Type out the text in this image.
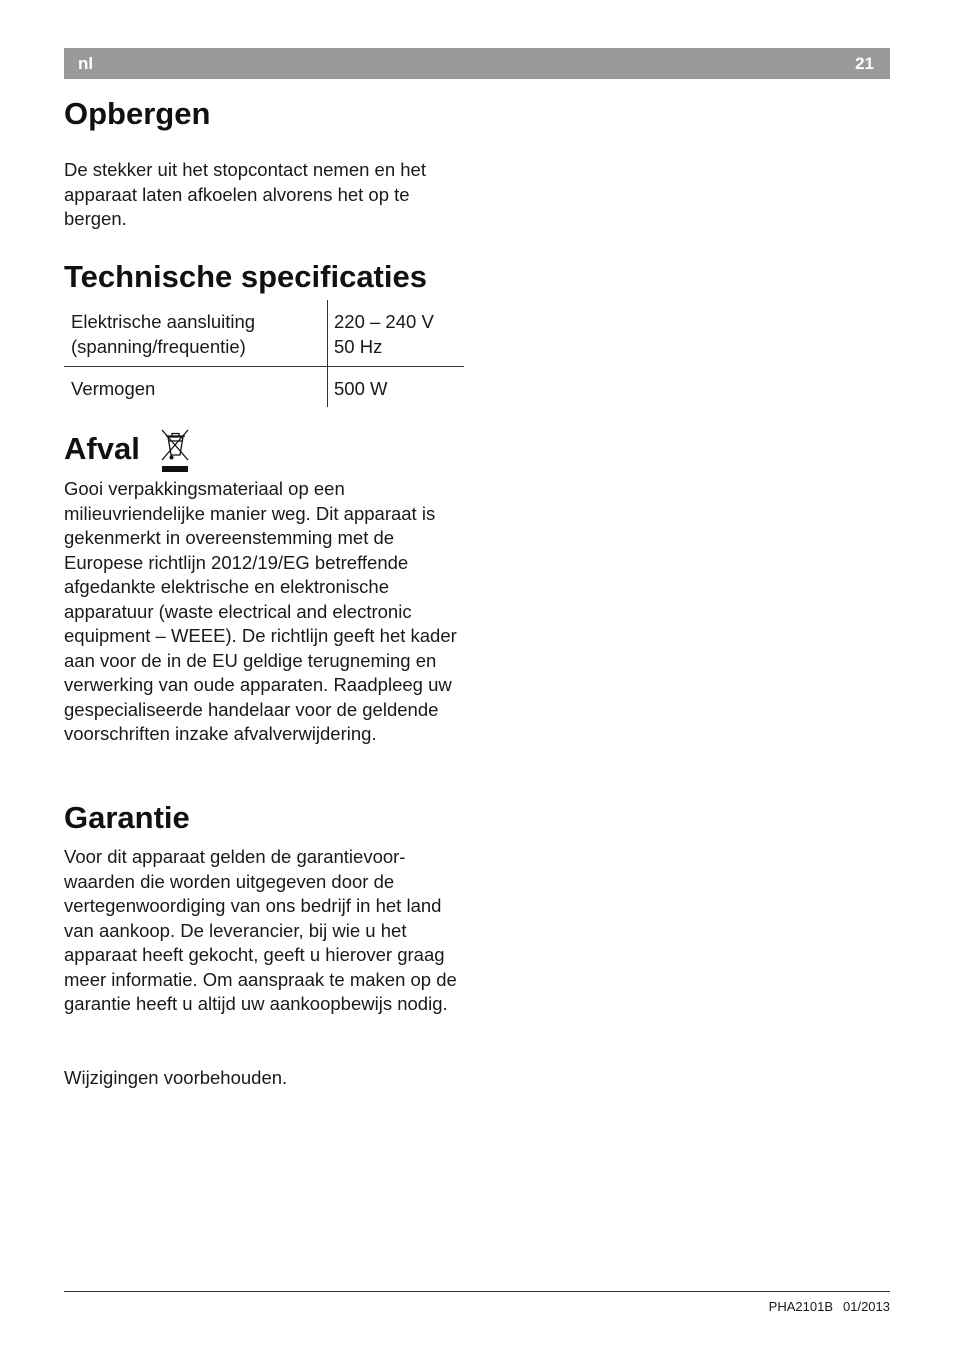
nl	21
Opbergen

De stekker uit het stopcontact nemen en het apparaat laten afkoelen alvorens het op te bergen.

Technische specificaties
Elektrische aansluiting
(spanning/frequentie)
220 – 240 V
50 Hz
Vermogen	500 W
Afval

Gooi verpakkingsmateriaal op een milieuvriendelijke manier weg. Dit apparaat is gekenmerkt in overeenstemming met de Europese richtlijn 2012/19/EG betreffende afgedankte elektrische en elektronische apparatuur (waste electrical and electronic equipment – WEEE). De richtlijn geeft het kader aan voor de in de EU geldige terugneming en verwerking van oude apparaten. Raadpleeg uw gespecialiseerde handelaar voor de geldende voorschriften inzake afvalverwijdering.

Garantie

Voor dit apparaat gelden de garantievoor-waarden die worden uitgegeven door de vertegenwoordiging van ons bedrijf in het land van aankoop. De leverancier, bij wie u het apparaat heeft gekocht, geeft u hierover graag meer informatie. Om aanspraak te maken op de garantie heeft u altijd uw aankoopbewijs nodig.

Wijzigingen voorbehouden.

PHA2101B 01/2013
